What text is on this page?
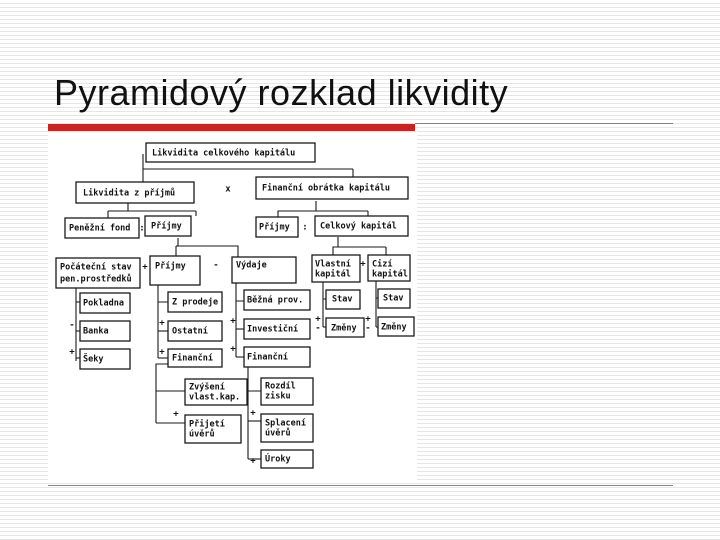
Pyramidový rozklad likvidity
Likvidita celkového kapitálu
Likvidita z příjmů	Finanční obrátka kapitálu
Peněžní fond Příjmy	Příjmy	Celkový kapitál
Počáteční stav
pen.prostředků
Příjmy	Výdaje	Vlastní
kapitál
Cizí
kapitál
Pokladna
Banka
Šeky
Z prodeje
Ostatní
Finanční
Běžná prov.
Investiční
Finanční
Stav
Změny
Stav
Změny
Zvýšení
vlast.kap.
Přijetí
úvěrů
Rozdíl
zisku
Splacení
úvěrů
Úroky
x
:	:
+	-	+
-
+
+
+
+
+
+
-
+
-
+	+
+
